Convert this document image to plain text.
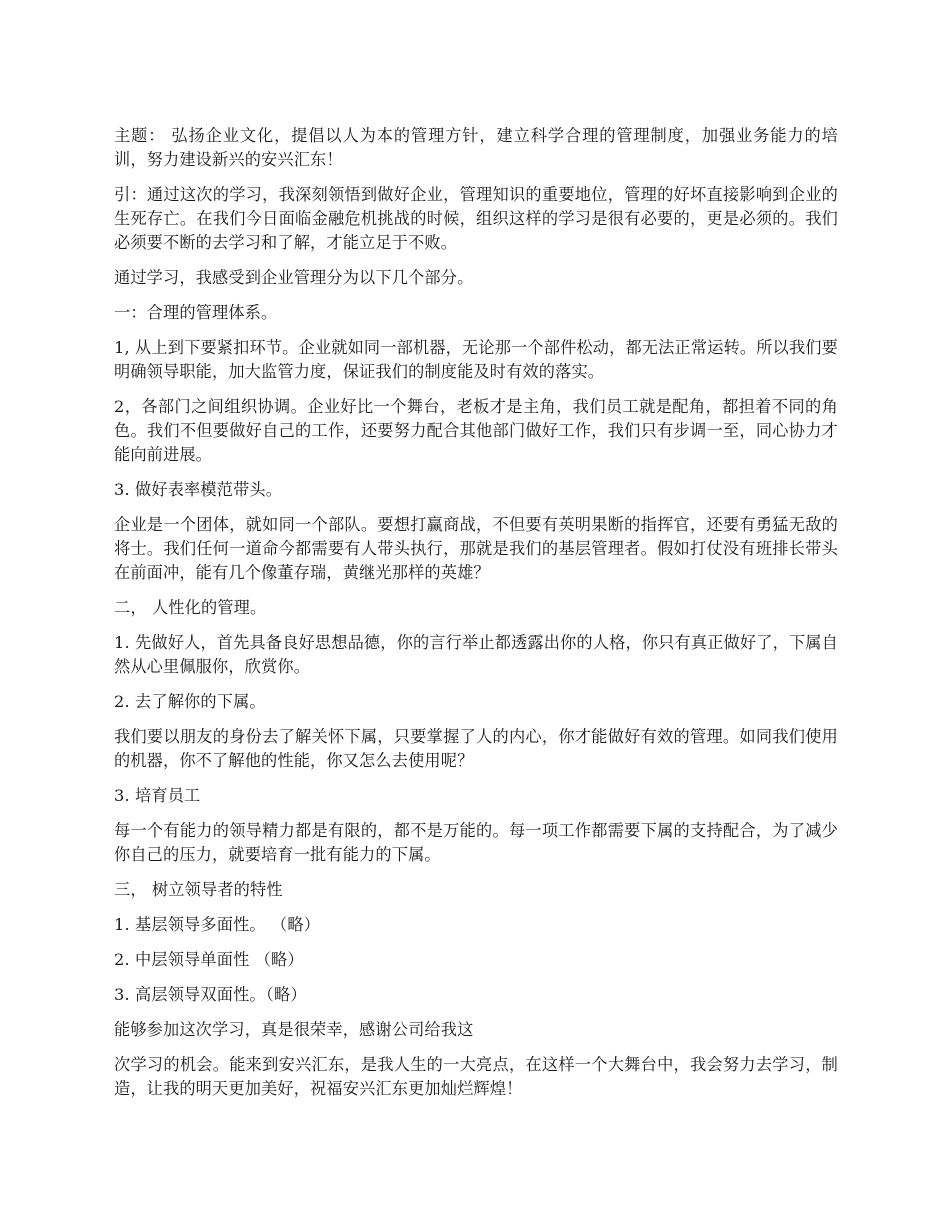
主题： 弘扬企业文化，提倡以人为本的管理方针，建立科学合理的管理制度，加强业务能力的培训，努力建设新兴的安兴汇东！

引：通过这次的学习，我深刻领悟到做好企业，管理知识的重要地位，管理的好坏直接影响到企业的生死存亡。在我们今日面临金融危机挑战的时候，组织这样的学习是很有必要的，更是必须的。我们必须要不断的去学习和了解，才能立足于不败。

通过学习，我感受到企业管理分为以下几个部分。

一：合理的管理体系。

1, 从上到下要紧扣环节。企业就如同一部机器，无论那一个部件松动，都无法正常运转。所以我们要明确领导职能，加大监管力度，保证我们的制度能及时有效的落实。

2，各部门之间组织协调。企业好比一个舞台，老板才是主角，我们员工就是配角，都担着不同的角色。我们不但要做好自己的工作，还要努力配合其他部门做好工作，我们只有步调一至，同心协力才能向前进展。

3. 做好表率模范带头。

企业是一个团体，就如同一个部队。要想打赢商战，不但要有英明果断的指挥官，还要有勇猛无敌的将士。我们任何一道命今都需要有人带头执行，那就是我们的基层管理者。假如打仗没有班排长带头在前面冲，能有几个像董存瑞，黄继光那样的英雄？

二， 人性化的管理。

1. 先做好人，首先具备良好思想品德，你的言行举止都透露出你的人格，你只有真正做好了，下属自然从心里佩服你，欣赏你。

2. 去了解你的下属。

我们要以朋友的身份去了解关怀下属，只要掌握了人的内心，你才能做好有效的管理。如同我们使用的机器，你不了解他的性能，你又怎么去使用呢？

3. 培育员工

每一个有能力的领导精力都是有限的，都不是万能的。每一项工作都需要下属的支持配合，为了减少你自己的压力，就要培育一批有能力的下属。

三， 树立领导者的特性

1. 基层领导多面性。 （略）

2. 中层领导单面性 （略）

3. 高层领导双面性。（略）

能够参加这次学习，真是很荣幸，感谢公司给我这

次学习的机会。能来到安兴汇东，是我人生的一大亮点，在这样一个大舞台中，我会努力去学习，制造，让我的明天更加美好，祝福安兴汇东更加灿烂辉煌！
